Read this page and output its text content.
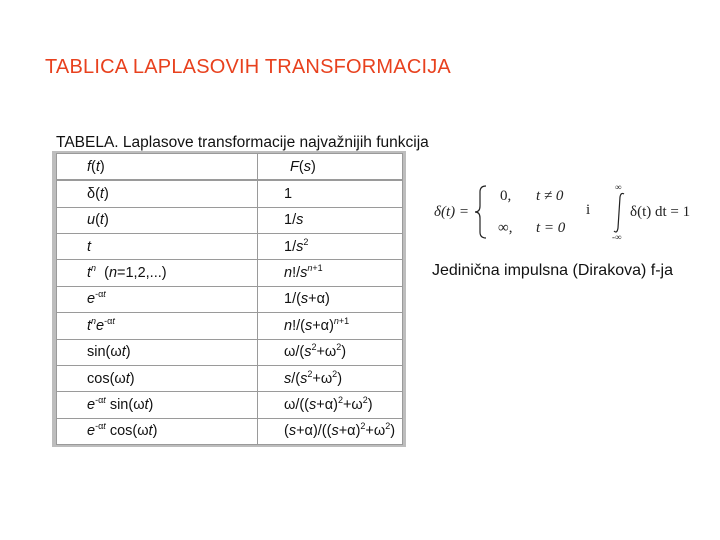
TABLICA LAPLASOVIH TRANSFORMACIJA
TABELA. Laplasove transformacije najvažnijih funkcija
f(t)	F(s)
δ(t)	1
u(t)	1/s
t	$1/s^2$
$t^n$  (n=1,2,...)	$n!/s^{n+1}$
$e^{-\alpha t}$	1/(s+α)
$t^ne^{-\alpha t}$	$n!/(s+\alpha)^{n+1}$
sin(ωt)	$\omega/(s^2+\omega^2)$
cos(ωt)	$s/(s^2+\omega^2)$
$e^{-\alpha t}$ sin(ωt)	$\omega/((s+\alpha)^2+\omega^2)$
$e^{-\alpha t}$ cos(ωt)	$(s+\alpha)/((s+\alpha)^2+\omega^2)$
δ(t) =
0, t ≠ 0
∞, t = 0
i
∞
-∞
δ(t) dt = 1
Jedinična impulsna (Dirakova) f-ja
